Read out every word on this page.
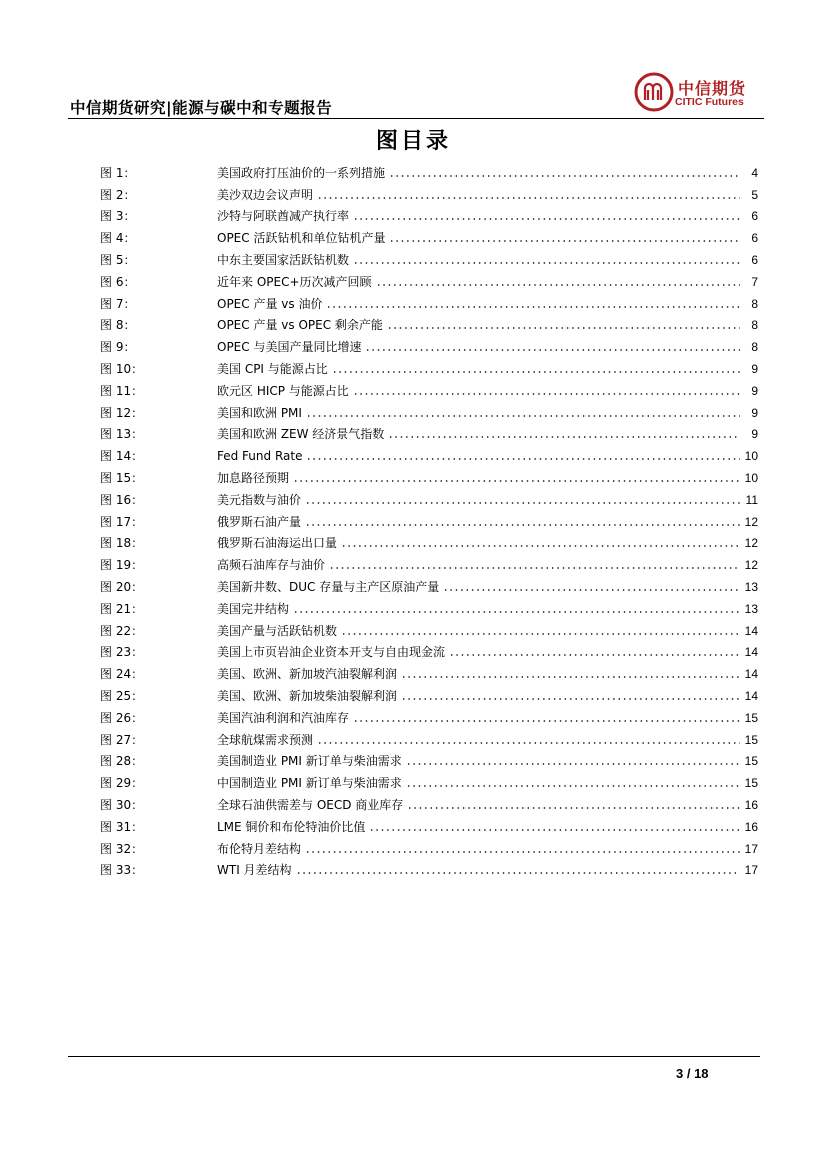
中信期货研究|能源与碳中和专题报告
中信期货
CITIC Futures
图目录
图 1：	美国政府打压油价的一系列措施	4
图 2：	美沙双边会议声明	5
图 3：	沙特与阿联酋减产执行率	6
图 4：	OPEC 活跃钻机和单位钻机产量	6
图 5：	中东主要国家活跃钻机数	6
图 6：	近年来 OPEC+历次减产回顾	7
图 7：	OPEC 产量 vs 油价	8
图 8：	OPEC 产量 vs OPEC 剩余产能	8
图 9：	OPEC 与美国产量同比增速	8
图 10：	美国 CPI 与能源占比	9
图 11：	欧元区 HICP 与能源占比	9
图 12：	美国和欧洲 PMI	9
图 13：	美国和欧洲 ZEW 经济景气指数	9
图 14：	Fed Fund Rate	10
图 15：	加息路径预期	10
图 16：	美元指数与油价	11
图 17：	俄罗斯石油产量	12
图 18：	俄罗斯石油海运出口量	12
图 19：	高频石油库存与油价	12
图 20：	美国新井数、DUC 存量与主产区原油产量	13
图 21：	美国完井结构	13
图 22：	美国产量与活跃钻机数	14
图 23：	美国上市页岩油企业资本开支与自由现金流	14
图 24：	美国、欧洲、新加坡汽油裂解利润	14
图 25：	美国、欧洲、新加坡柴油裂解利润	14
图 26：	美国汽油利润和汽油库存	15
图 27：	全球航煤需求预测	15
图 28：	美国制造业 PMI 新订单与柴油需求	15
图 29：	中国制造业 PMI 新订单与柴油需求	15
图 30：	全球石油供需差与 OECD 商业库存	16
图 31：	LME 铜价和布伦特油价比值	16
图 32：	布伦特月差结构	17
图 33：	WTI 月差结构	17
3 / 18
